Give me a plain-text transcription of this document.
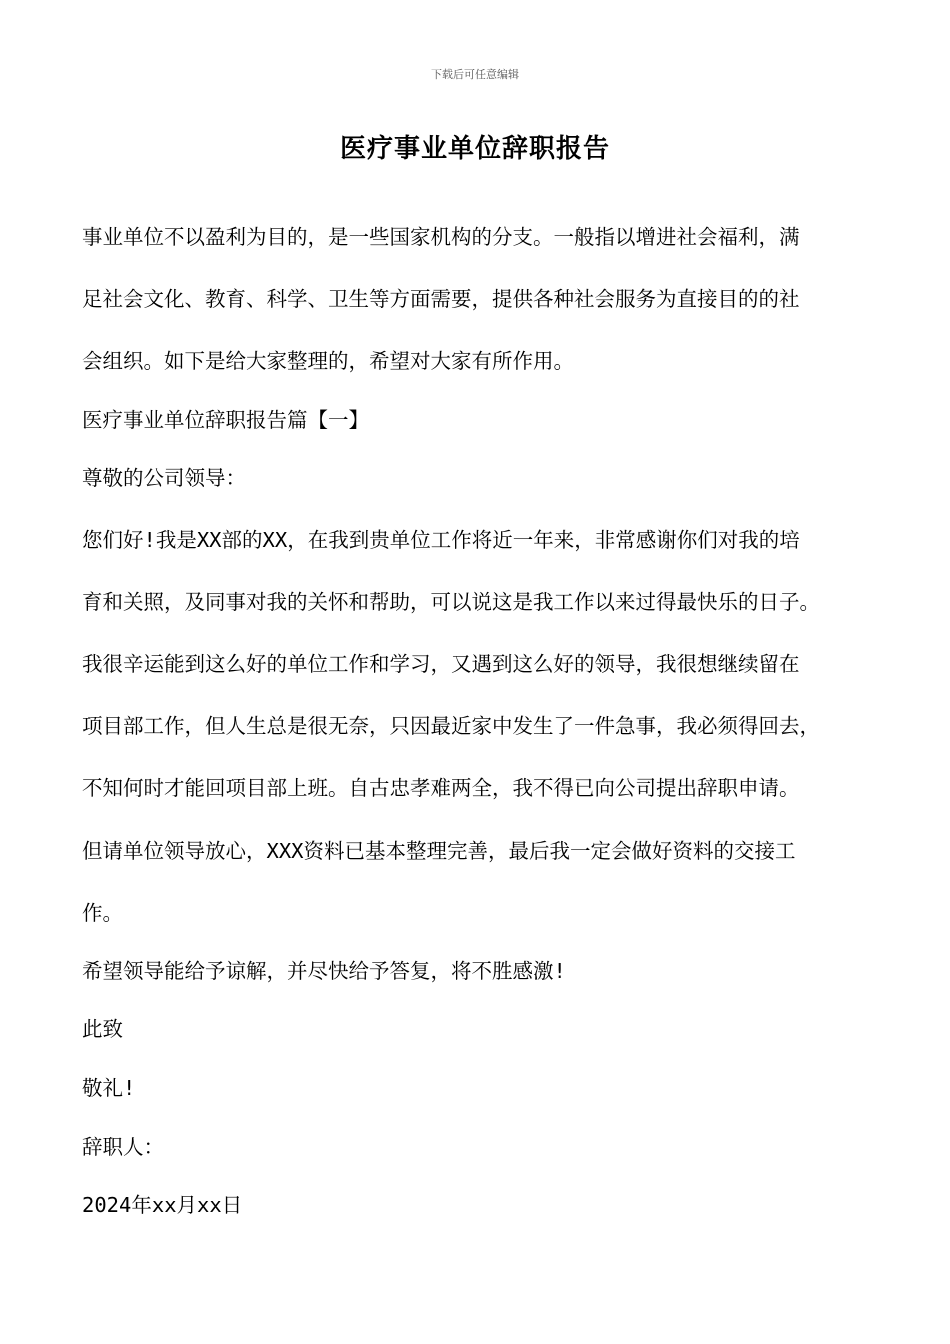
下载后可任意编辑
医疗事业单位辞职报告

事业单位不以盈利为目的，是一些国家机构的分支。一般指以增进社会福利，满

足社会文化、教育、科学、卫生等方面需要，提供各种社会服务为直接目的的社

会组织。如下是给大家整理的，希望对大家有所作用。

医疗事业单位辞职报告篇【一】

尊敬的公司领导：

您们好!我是XX部的XX，在我到贵单位工作将近一年来，非常感谢你们对我的培

育和关照，及同事对我的关怀和帮助，可以说这是我工作以来过得最快乐的日子。

我很辛运能到这么好的单位工作和学习，又遇到这么好的领导，我很想继续留在

项目部工作，但人生总是很无奈，只因最近家中发生了一件急事，我必须得回去，

不知何时才能回项目部上班。自古忠孝难两全，我不得已向公司提出辞职申请。

但请单位领导放心，XXX资料已基本整理完善，最后我一定会做好资料的交接工

作。

希望领导能给予谅解，并尽快给予答复，将不胜感激!

此致

敬礼!

辞职人：

2024年xx月xx日
